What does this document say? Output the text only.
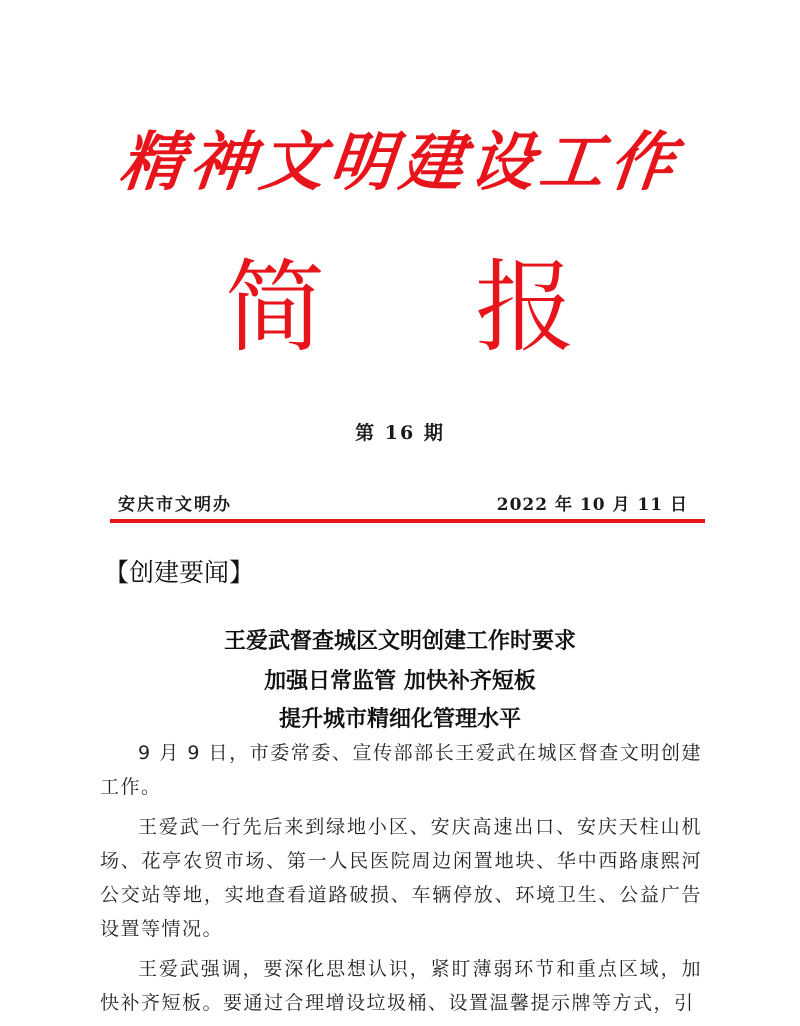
精神文明建设工作
简 报
第 16 期
安庆市文明办	2022 年 10 月 11 日
【创建要闻】
王爱武督查城区文明创建工作时要求
加强日常监管 加快补齐短板
提升城市精细化管理水平

9 月 9 日，市委常委、宣传部部长王爱武在城区督查文明创建工作。

王爱武一行先后来到绿地小区、安庆高速出口、安庆天柱山机场、花亭农贸市场、第一人民医院周边闲置地块、华中西路康熙河公交站等地，实地查看道路破损、车辆停放、环境卫生、公益广告设置等情况。

王爱武强调，要深化思想认识，紧盯薄弱环节和重点区域，加快补齐短板。要通过合理增设垃圾桶、设置温馨提示牌等方式，引
